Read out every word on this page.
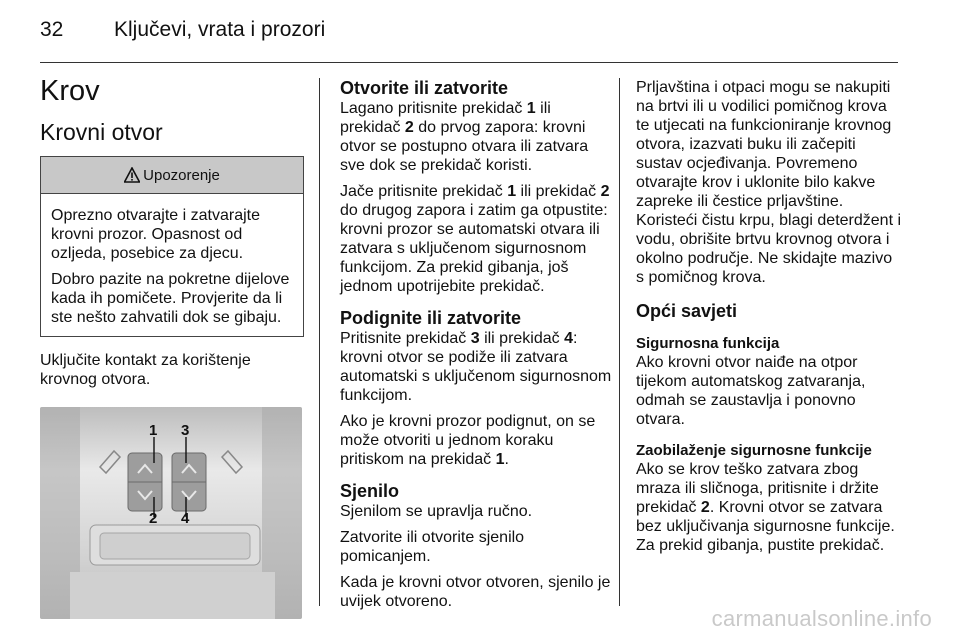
32 Ključevi, vrata i prozori
Krov
Krovni otvor
Upozorenje

Oprezno otvarajte i zatvarajte krovni prozor. Opasnost od ozljeda, posebice za djecu.

Dobro pazite na pokretne dijelove kada ih pomičete. Provjerite da li ste nešto zahvatili dok se gibaju.

Uključite kontakt za korištenje krovnog otvora.

1 3
2 4
Otvorite ili zatvorite

Lagano pritisnite prekidač 1 ili prekidač 2 do prvog zapora: krovni otvor se postupno otvara ili zatvara sve dok se prekidač koristi.

Jače pritisnite prekidač 1 ili prekidač 2 do drugog zapora i zatim ga otpustite: krovni prozor se automatski otvara ili zatvara s uključenom sigurnosnom funkcijom. Za prekid gibanja, još jednom upotrijebite prekidač.

Podignite ili zatvorite

Pritisnite prekidač 3 ili prekidač 4: krovni otvor se podiže ili zatvara automatski s uključenom sigurnosnom funkcijom.

Ako je krovni prozor podignut, on se može otvoriti u jednom koraku pritiskom na prekidač 1.

Sjenilo

Sjenilom se upravlja ručno.

Zatvorite ili otvorite sjenilo pomicanjem.

Kada je krovni otvor otvoren, sjenilo je uvijek otvoreno.

Prljavština i otpaci mogu se nakupiti na brtvi ili u vodilici pomičnog krova te utjecati na funkcioniranje krovnog otvora, izazvati buku ili začepiti sustav ocjeđivanja. Povremeno otvarajte krov i uklonite bilo kakve zapreke ili čestice prljavštine. Koristeći čistu krpu, blagi deterdžent i vodu, obrišite brtvu krovnog otvora i okolno područje. Ne skidajte mazivo s pomičnog krova.

Opći savjeti
Sigurnosna funkcija

Ako krovni otvor naiđe na otpor tijekom automatskog zatvaranja, odmah se zaustavlja i ponovno otvara.

Zaobilaženje sigurnosne funkcije

Ako se krov teško zatvara zbog mraza ili sličnoga, pritisnite i držite prekidač 2. Krovni otvor se zatvara bez uključivanja sigurnosne funkcije. Za prekid gibanja, pustite prekidač.

carmanualsonline.info
